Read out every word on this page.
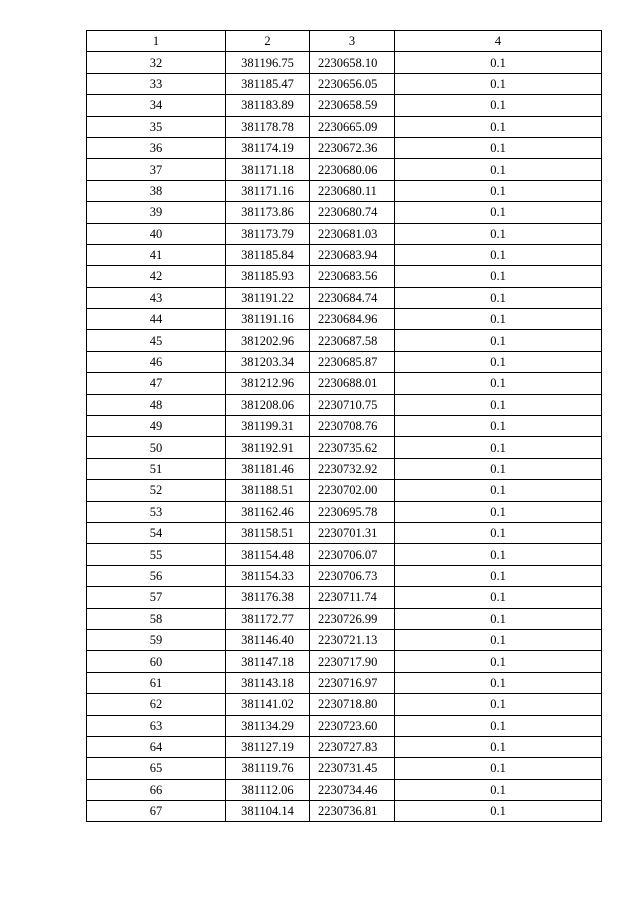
1	2	3	4
32	381196.75	2230658.10	0.1
33	381185.47	2230656.05	0.1
34	381183.89	2230658.59	0.1
35	381178.78	2230665.09	0.1
36	381174.19	2230672.36	0.1
37	381171.18	2230680.06	0.1
38	381171.16	2230680.11	0.1
39	381173.86	2230680.74	0.1
40	381173.79	2230681.03	0.1
41	381185.84	2230683.94	0.1
42	381185.93	2230683.56	0.1
43	381191.22	2230684.74	0.1
44	381191.16	2230684.96	0.1
45	381202.96	2230687.58	0.1
46	381203.34	2230685.87	0.1
47	381212.96	2230688.01	0.1
48	381208.06	2230710.75	0.1
49	381199.31	2230708.76	0.1
50	381192.91	2230735.62	0.1
51	381181.46	2230732.92	0.1
52	381188.51	2230702.00	0.1
53	381162.46	2230695.78	0.1
54	381158.51	2230701.31	0.1
55	381154.48	2230706.07	0.1
56	381154.33	2230706.73	0.1
57	381176.38	2230711.74	0.1
58	381172.77	2230726.99	0.1
59	381146.40	2230721.13	0.1
60	381147.18	2230717.90	0.1
61	381143.18	2230716.97	0.1
62	381141.02	2230718.80	0.1
63	381134.29	2230723.60	0.1
64	381127.19	2230727.83	0.1
65	381119.76	2230731.45	0.1
66	381112.06	2230734.46	0.1
67	381104.14	2230736.81	0.1
